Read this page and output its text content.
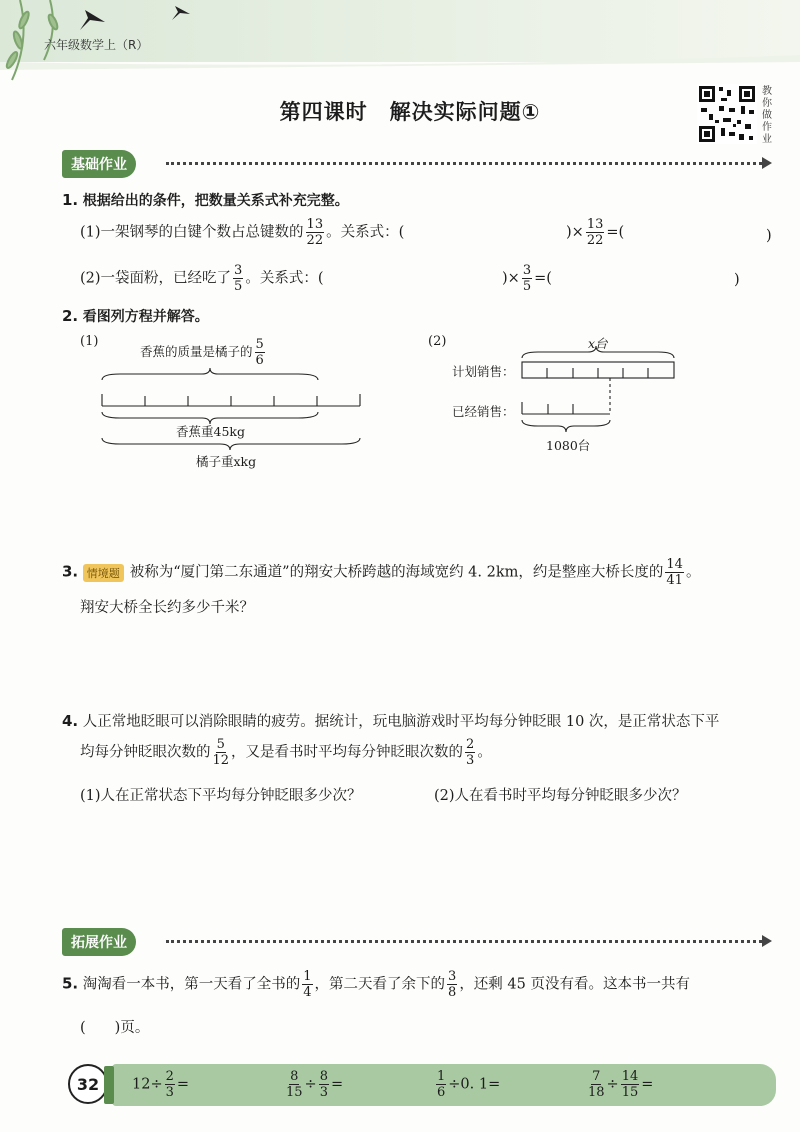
六年级数学上（R）
第四课时　解决实际问题①
教你做作业
基础作业
1. 根据给出的条件，把数量关系式补充完整。
(1)一架钢琴的白键个数占总键数的 $\frac{13}{22}$ 。关系式：(	)× $\frac{13}{22}$ =(	)
(2)一袋面粉，已经吃了 $\frac{3}{5}$ 。关系式：(	)× $\frac{3}{5}$ =(	)
2. 看图列方程并解答。
(1)
香蕉的质量是橘子的 $\frac{5}{6}$
香蕉重45kg
橘子重xkg
(2)	x台
计划销售：
已经销售：
1080台
3. 情境题 被称为“厦门第二东通道”的翔安大桥跨越的海域宽约 4. 2km，约是整座大桥长度的 $\frac{14}{41}$ 。
翔安大桥全长约多少千米？
4. 人正常地眨眼可以消除眼睛的疲劳。据统计，玩电脑游戏时平均每分钟眨眼 10 次，是正常状态下平
均每分钟眨眼次数的 $\frac{5}{12}$ ，又是看书时平均每分钟眨眼次数的 $\frac{2}{3}$ 。
(1)人在正常状态下平均每分钟眨眼多少次？	(2)人在看书时平均每分钟眨眼多少次？
拓展作业
5. 淘淘看一本书，第一天看了全书的 $\frac{1}{4}$ ，第二天看了余下的 $\frac{3}{8}$ ，还剩 45 页没有看。这本书一共有
(　　)页。
32 $12\div \frac{2}{3}$ =	$\frac{8}{15} \div \frac{8}{3}$ =	$\frac{1}{6} \div 0$. 1=	$\frac{7}{18} \div \frac{14}{15}$ =
